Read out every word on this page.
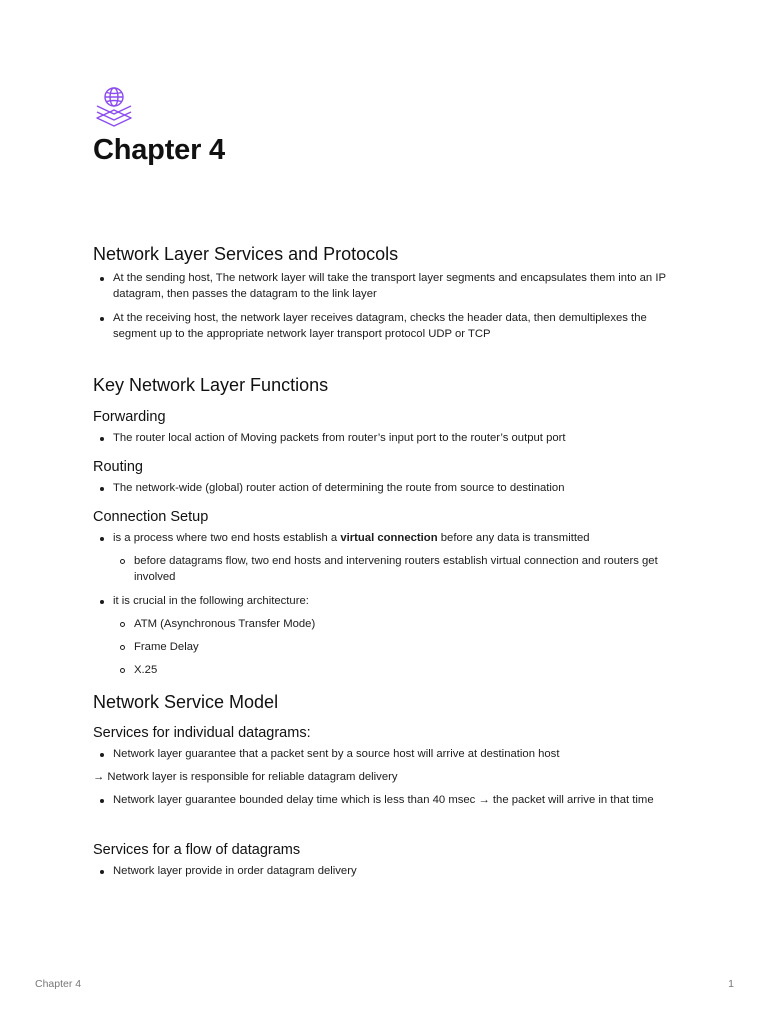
Chapter 4
Network Layer Services and Protocols
At the sending host, The network layer will take the transport layer segments and encapsulates them into an IP datagram, then passes the datagram to the link layer
At the receiving host, the network layer receives datagram, checks the header data, then demultiplexes the segment up to the appropriate network layer transport protocol UDP or TCP
Key Network Layer Functions
Forwarding
The router local action of Moving packets from router’s input port to the router’s output port
Routing
The network-wide (global) router action of determining the route from source to destination
Connection Setup
is a process where two end hosts establish a virtual connection before any data is transmitted
before datagrams flow, two end hosts and intervening routers establish virtual connection and routers get involved
it is crucial in the following architecture:
ATM (Asynchronous Transfer Mode)
Frame Delay
X.25
Network Service Model
Services for individual datagrams:
Network layer guarantee that a packet sent by a source host will arrive at destination host

→ Network layer is responsible for reliable datagram delivery

Network layer guarantee bounded delay time which is less than 40 msec → the packet will arrive in that time
Services for a flow of datagrams
Network layer provide in order datagram delivery
Chapter 4	1
